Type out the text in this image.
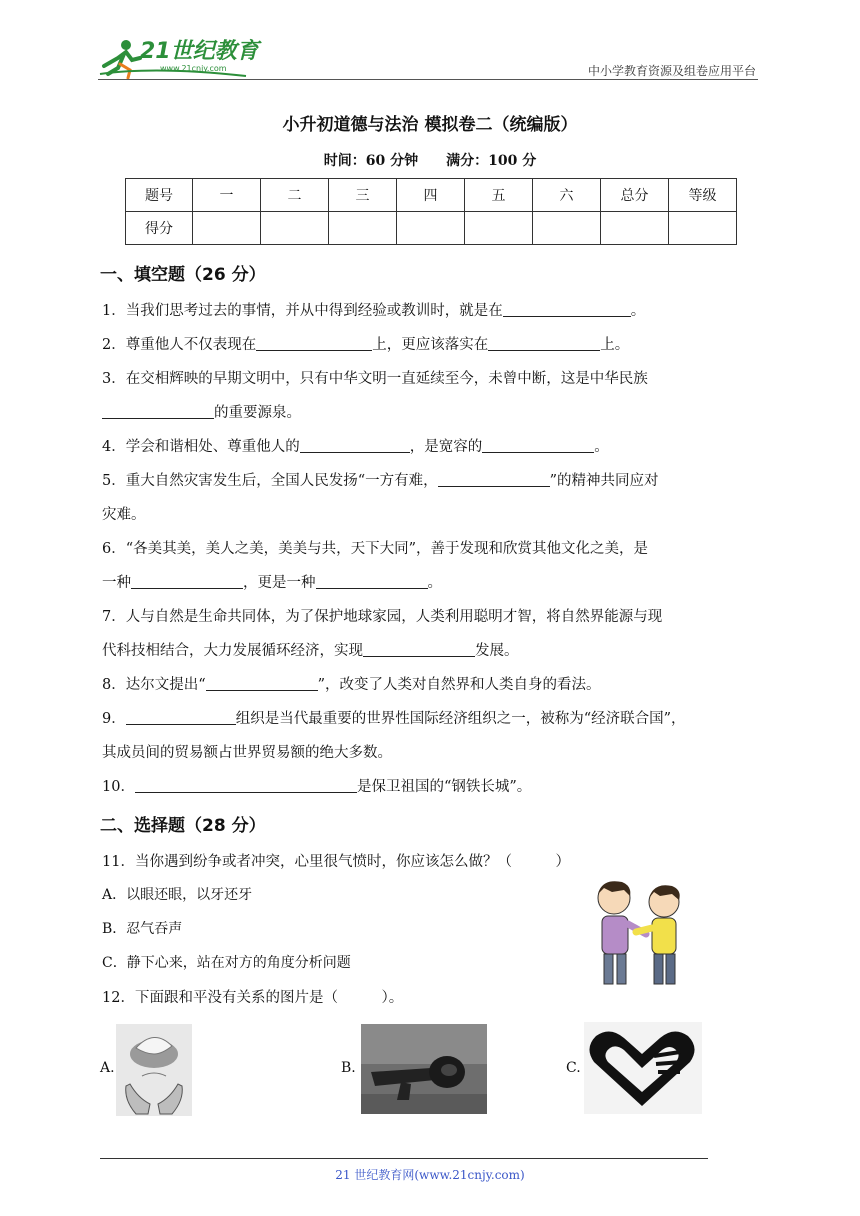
21世纪教育
www.21cnjy.com	中小学教育资源及组卷应用平台
小升初道德与法治 模拟卷二（统编版）
时间：60 分钟　　满分：100 分
题号	一	二	三	四	五	六	总分	等级
得分								
一、填空题（26 分）
1．当我们思考过去的事情，并从中得到经验或教训时，就是在	。
2．尊重他人不仅表现在	上，更应该落实在	上。
3．在交相辉映的早期文明中，只有中华文明一直延续至今，未曾中断，这是中华民族
的重要源泉。
4．学会和谐相处、尊重他人的	，是宽容的	。
5．重大自然灾害发生后，全国人民发扬“一方有难，	”的精神共同应对
灾难。
6．“各美其美，美人之美，美美与共，天下大同”，善于发现和欣赏其他文化之美，是
一种	，更是一种	。
7．人与自然是生命共同体，为了保护地球家园，人类利用聪明才智，将自然界能源与现
代科技相结合，大力发展循环经济，实现	发展。
8．达尔文提出“	”，改变了人类对自然界和人类自身的看法。
9．	组织是当代最重要的世界性国际经济组织之一，被称为“经济联合国”，
其成员间的贸易额占世界贸易额的绝大多数。
10．	是保卫祖国的“钢铁长城”。
二、选择题（28 分）
11．当你遇到纷争或者冲突，心里很气愤时，你应该怎么做？（　　　）
A．以眼还眼，以牙还牙
B．忍气吞声
C．静下心来，站在对方的角度分析问题
12．下面跟和平没有关系的图片是（　　　）。
A.	B.	C.
21 世纪教育网(www.21cnjy.com)
